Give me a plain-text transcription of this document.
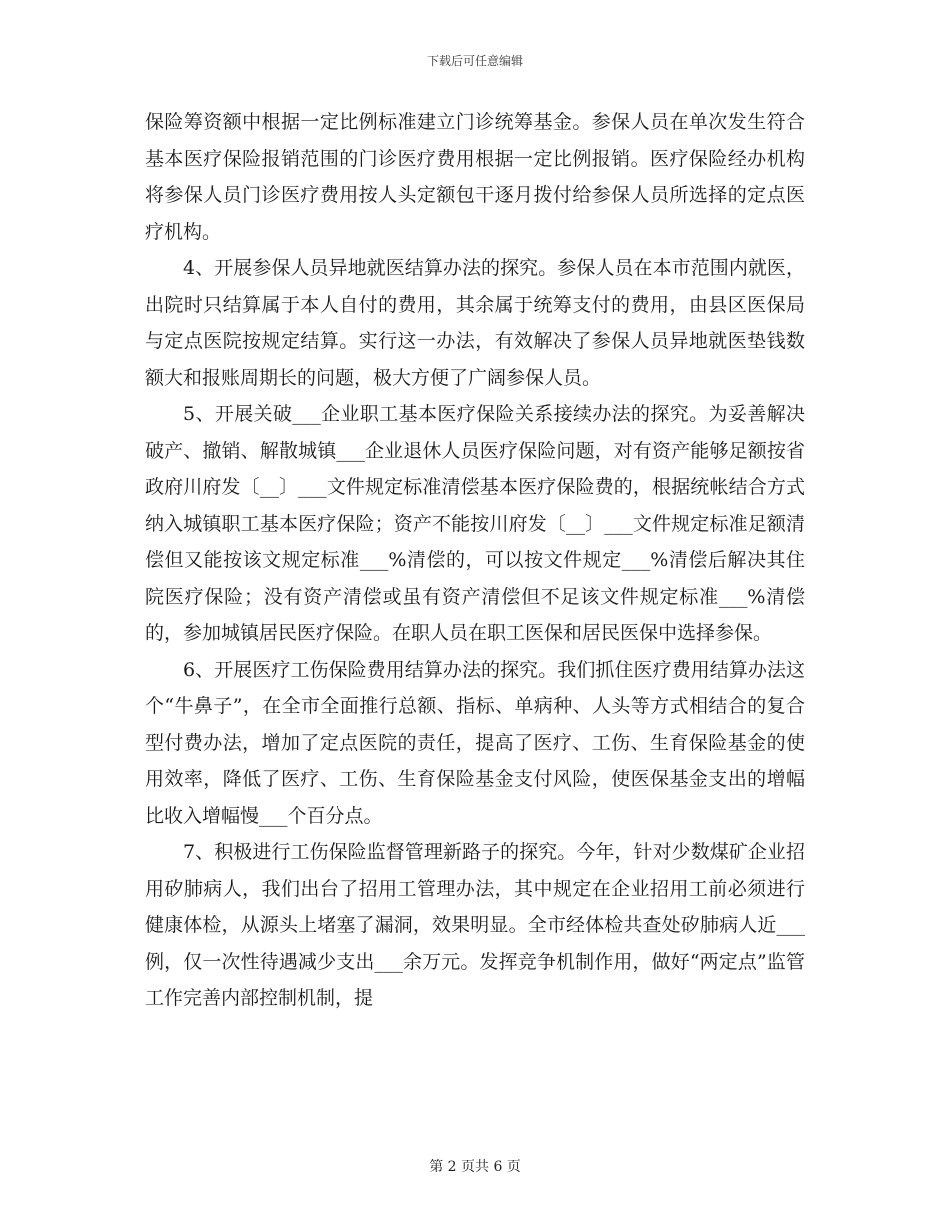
下载后可任意编辑

保险筹资额中根据一定比例标准建立门诊统筹基金。参保人员在单次发生符合基本医疗保险报销范围的门诊医疗费用根据一定比例报销。医疗保险经办机构将参保人员门诊医疗费用按人头定额包干逐月拨付给参保人员所选择的定点医疗机构。

4、开展参保人员异地就医结算办法的探究。参保人员在本市范围内就医，出院时只结算属于本人自付的费用，其余属于统筹支付的费用，由县区医保局与定点医院按规定结算。实行这一办法，有效解决了参保人员异地就医垫钱数额大和报账周期长的问题，极大方便了广阔参保人员。

5、开展关破___企业职工基本医疗保险关系接续办法的探究。为妥善解决破产、撤销、解散城镇___企业退休人员医疗保险问题，对有资产能够足额按省政府川府发〔__〕___文件规定标准清偿基本医疗保险费的，根据统帐结合方式纳入城镇职工基本医疗保险；资产不能按川府发〔__〕___文件规定标准足额清偿但又能按该文规定标准___%清偿的，可以按文件规定___%清偿后解决其住院医疗保险；没有资产清偿或虽有资产清偿但不足该文件规定标准___%清偿的，参加城镇居民医疗保险。在职人员在职工医保和居民医保中选择参保。

6、开展医疗工伤保险费用结算办法的探究。我们抓住医疗费用结算办法这个“牛鼻子”，在全市全面推行总额、指标、单病种、人头等方式相结合的复合型付费办法，增加了定点医院的责任，提高了医疗、工伤、生育保险基金的使用效率，降低了医疗、工伤、生育保险基金支付风险，使医保基金支出的增幅比收入增幅慢___个百分点。

7、积极进行工伤保险监督管理新路子的探究。今年，针对少数煤矿企业招用矽肺病人，我们出台了招用工管理办法，其中规定在企业招用工前必须进行健康体检，从源头上堵塞了漏洞，效果明显。全市经体检共查处矽肺病人近___例，仅一次性待遇减少支出___余万元。发挥竞争机制作用，做好“两定点”监管工作完善内部控制机制，提

第 2 页共 6 页
